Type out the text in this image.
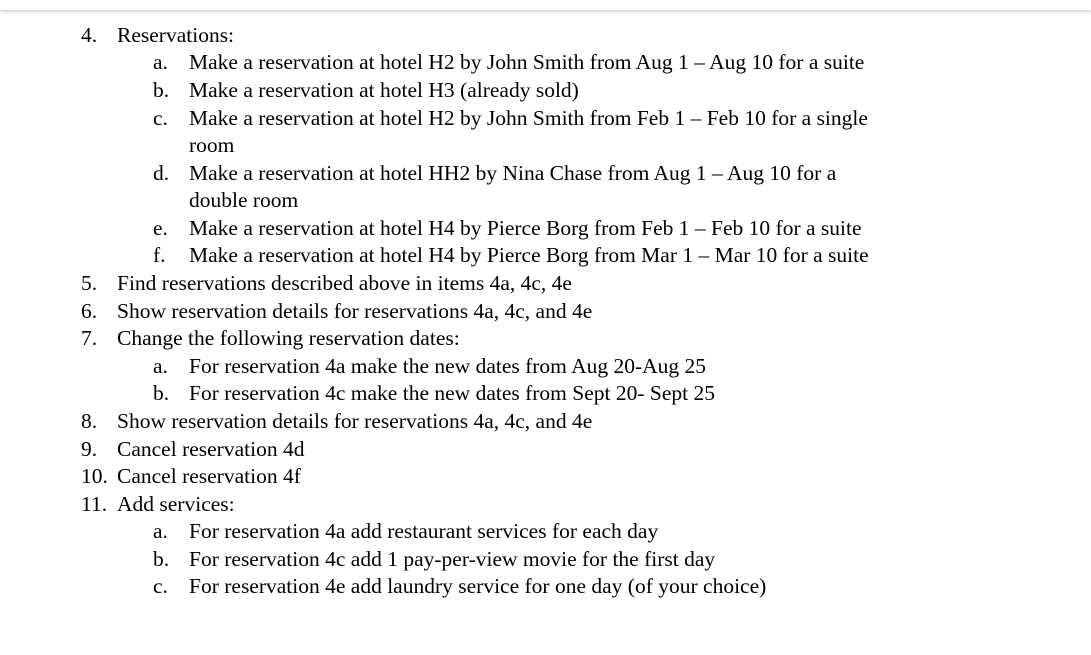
4. Reservations:
a. Make a reservation at hotel H2 by John Smith from Aug 1 – Aug 10 for a suite
b. Make a reservation at hotel H3 (already sold)
c. Make a reservation at hotel H2 by John Smith from Feb 1 – Feb 10 for a single
room
d. Make a reservation at hotel HH2 by Nina Chase from Aug 1 – Aug 10 for a
double room
e. Make a reservation at hotel H4 by Pierce Borg from Feb 1 – Feb 10 for a suite
f. Make a reservation at hotel H4 by Pierce Borg from Mar 1 – Mar 10 for a suite
5. Find reservations described above in items 4a, 4c, 4e
6. Show reservation details for reservations 4a, 4c, and 4e
7. Change the following reservation dates:
a. For reservation 4a make the new dates from Aug 20-Aug 25
b. For reservation 4c make the new dates from Sept 20- Sept 25
8. Show reservation details for reservations 4a, 4c, and 4e
9. Cancel reservation 4d
10. Cancel reservation 4f
11. Add services:
a. For reservation 4a add restaurant services for each day
b. For reservation 4c add 1 pay-per-view movie for the first day
c. For reservation 4e add laundry service for one day (of your choice)
